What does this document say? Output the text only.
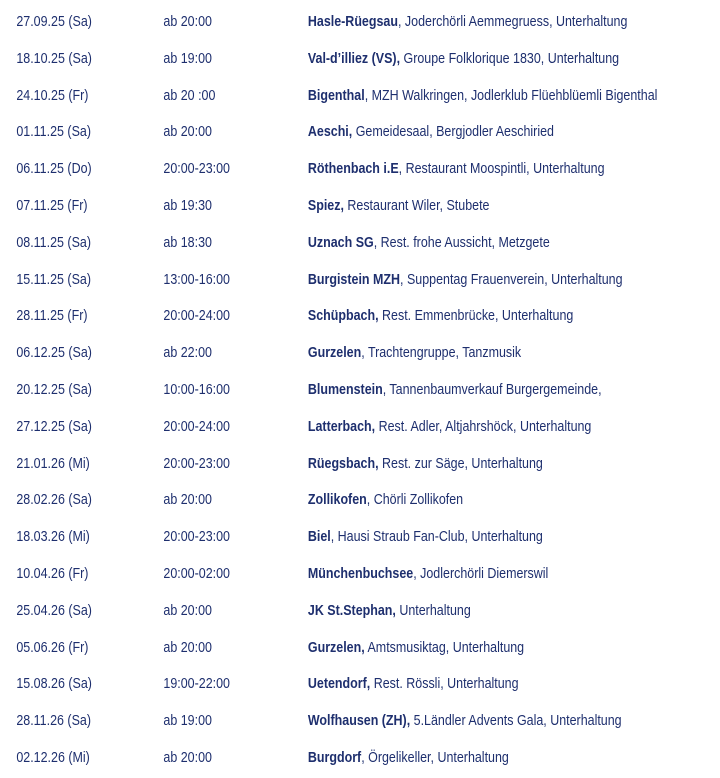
27.09.25 (Sa)	ab 20:00	Hasle-Rüegsau, Joderchörli Aemmegruess, Unterhaltung
18.10.25 (Sa)	ab 19:00	Val-d’illiez (VS), Groupe Folklorique 1830, Unterhaltung
24.10.25 (Fr)	ab 20 :00	Bigenthal, MZH Walkringen, Jodlerklub Flüehblüemli Bigenthal
01.11.25 (Sa)	ab 20:00	Aeschi, Gemeidesaal, Bergjodler Aeschiried
06.11.25 (Do)	20:00-23:00	Röthenbach i.E, Restaurant Moospintli, Unterhaltung
07.11.25 (Fr)	ab 19:30	Spiez, Restaurant Wiler, Stubete
08.11.25 (Sa)	ab 18:30	Uznach SG, Rest. frohe Aussicht, Metzgete
15.11.25 (Sa)	13:00-16:00	Burgistein MZH, Suppentag Frauenverein, Unterhaltung
28.11.25 (Fr)	20:00-24:00	Schüpbach, Rest. Emmenbrücke, Unterhaltung
06.12.25 (Sa)	ab 22:00	Gurzelen, Trachtengruppe, Tanzmusik
20.12.25 (Sa)	10:00-16:00	Blumenstein, Tannenbaumverkauf Burgergemeinde,
27.12.25 (Sa)	20:00-24:00	Latterbach, Rest. Adler, Altjahrshöck, Unterhaltung
21.01.26 (Mi)	20:00-23:00	Rüegsbach, Rest. zur Säge, Unterhaltung
28.02.26 (Sa)	ab 20:00	Zollikofen, Chörli Zollikofen
18.03.26 (Mi)	20:00-23:00	Biel, Hausi Straub Fan-Club, Unterhaltung
10.04.26 (Fr)	20:00-02:00	Münchenbuchsee, Jodlerchörli Diemerswil
25.04.26 (Sa)	ab 20:00	JK St.Stephan, Unterhaltung
05.06.26 (Fr)	ab 20:00	Gurzelen, Amtsmusiktag, Unterhaltung
15.08.26 (Sa)	19:00-22:00	Uetendorf, Rest. Rössli, Unterhaltung
28.11.26 (Sa)	ab 19:00	Wolfhausen (ZH), 5.Ländler Advents Gala, Unterhaltung
02.12.26 (Mi)	ab 20:00	Burgdorf, Örgelikeller, Unterhaltung
